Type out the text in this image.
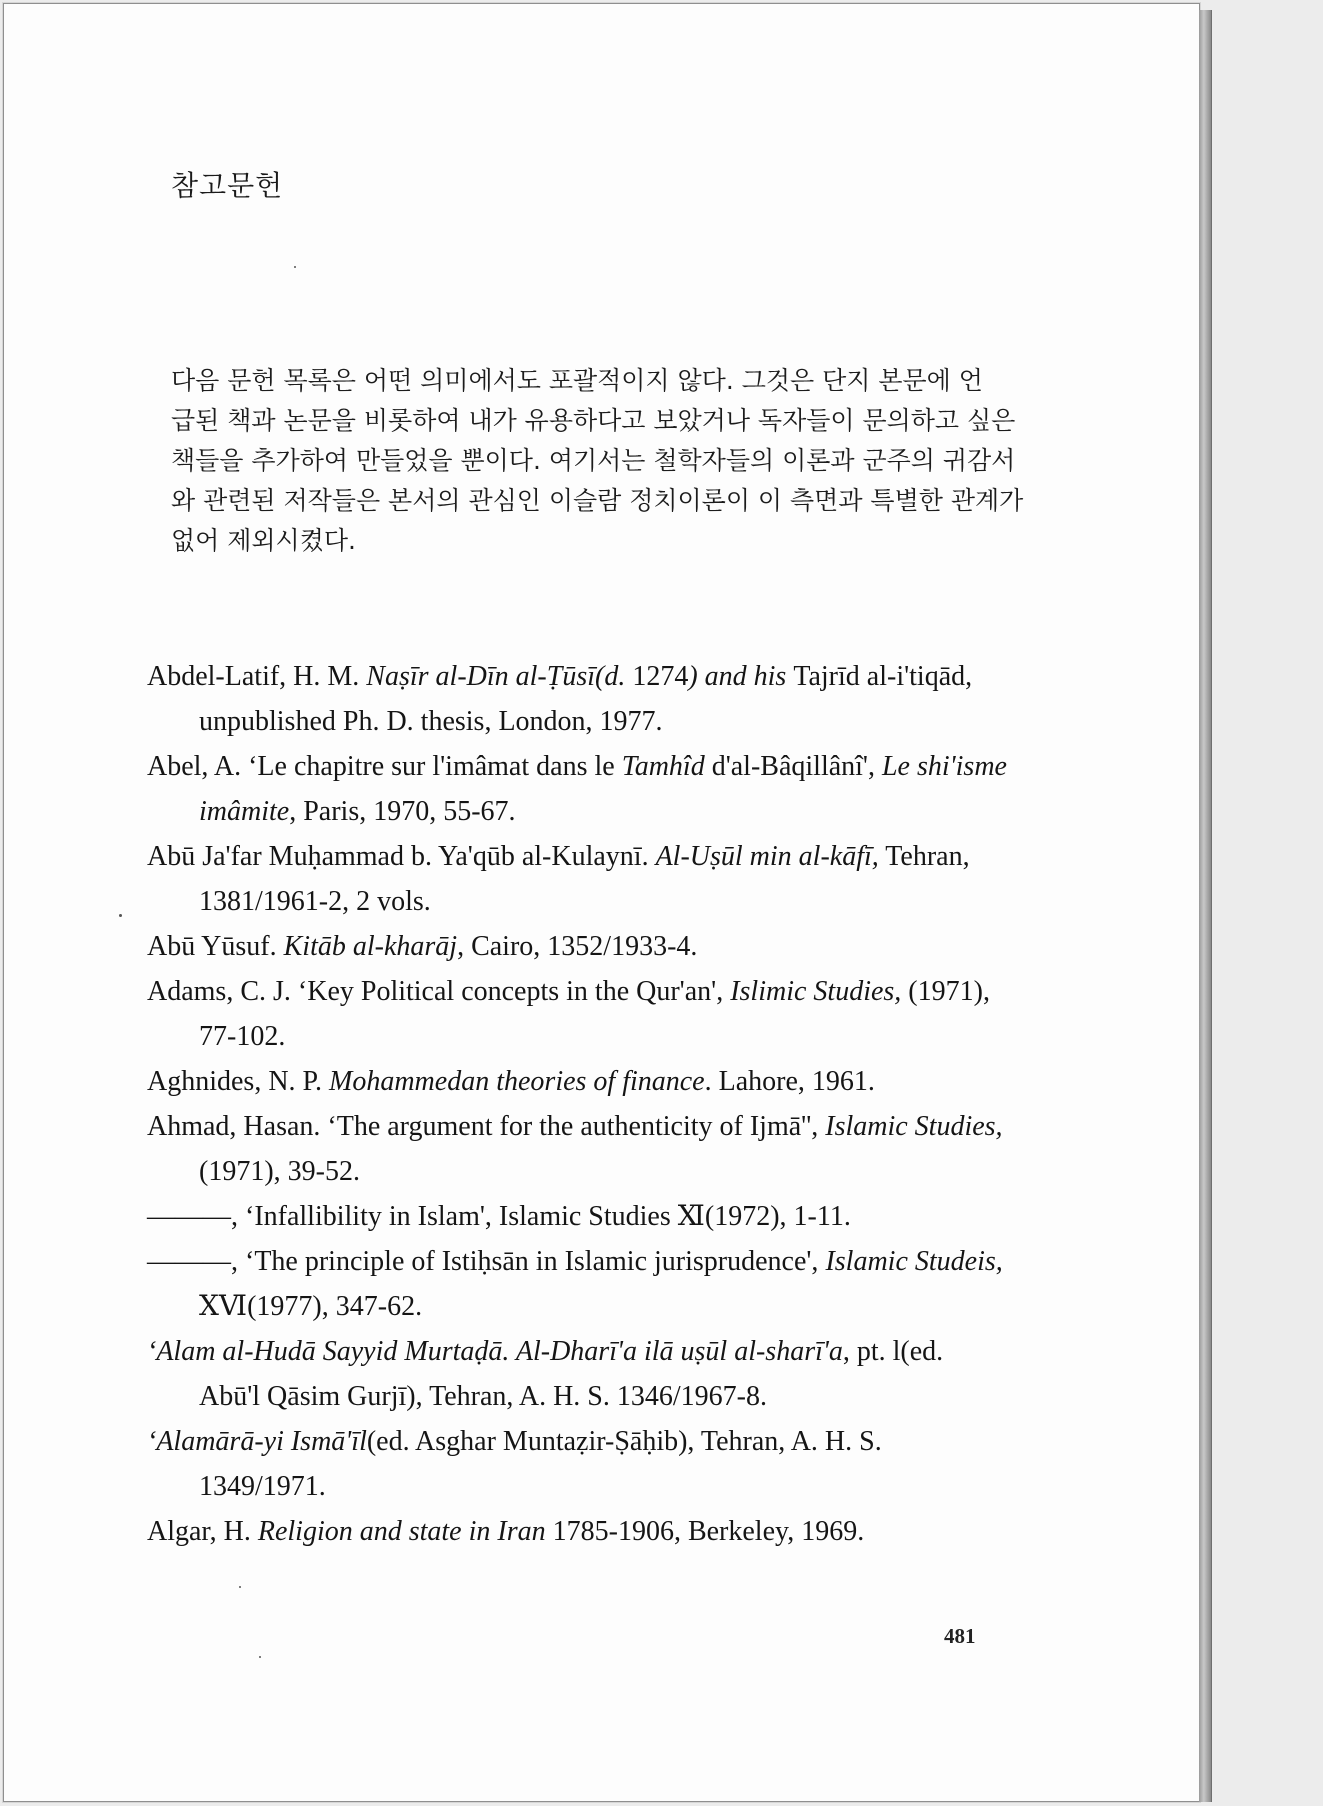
참고문헌
다음 문헌 목록은 어떤 의미에서도 포괄적이지 않다. 그것은 단지 본문에 언
급된 책과 논문을 비롯하여 내가 유용하다고 보았거나 독자들이 문의하고 싶은
책들을 추가하여 만들었을 뿐이다. 여기서는 철학자들의 이론과 군주의 귀감서
와 관련된 저작들은 본서의 관심인 이슬람 정치이론이 이 측면과 특별한 관계가
없어 제외시켰다.

Abdel-Latif, H. M. Naṣīr al-Dīn al-Ṭūsī(d. 1274) and his Tajrīd al-i'tiqād, unpublished Ph. D. thesis, London, 1977.

Abel, A. ‘Le chapitre sur l'imâmat dans le Tamhîd d'al-Bâqillânî', Le shi'isme imâmite, Paris, 1970, 55-67.

Abū Ja'far Muḥammad b. Ya'qūb al-Kulaynī. Al-Uṣūl min al-kāfī, Tehran, 1381/1961-2, 2 vols.

Abū Yūsuf. Kitāb al-kharāj, Cairo, 1352/1933-4.

Adams, C. J. ‘Key Political concepts in the Qur'an', Islimic Studies, (1971), 77-102.

Aghnides, N. P. Mohammedan theories of finance. Lahore, 1961.

Ahmad, Hasan. ‘The argument for the authenticity of Ijmā'', Islamic Studies, (1971), 39-52.

———, ‘Infallibility in Islam', Islamic Studies Ⅺ(1972), 1-11.

———, ‘The principle of Istiḥsān in Islamic jurisprudence', Islamic Studeis, ⅩⅥ(1977), 347-62.

‘Alam al-Hudā Sayyid Murtaḍā. Al-Dharī'a ilā uṣūl al-sharī'a, pt. l(ed. Abū'l Qāsim Gurjī), Tehran, A. H. S. 1346/1967-8.

‘Alamārā-yi Ismā'īl(ed. Asghar Muntaẓir-Ṣāḥib), Tehran, A. H. S. 1349/1971.

Algar, H. Religion and state in Iran 1785-1906, Berkeley, 1969.

481
